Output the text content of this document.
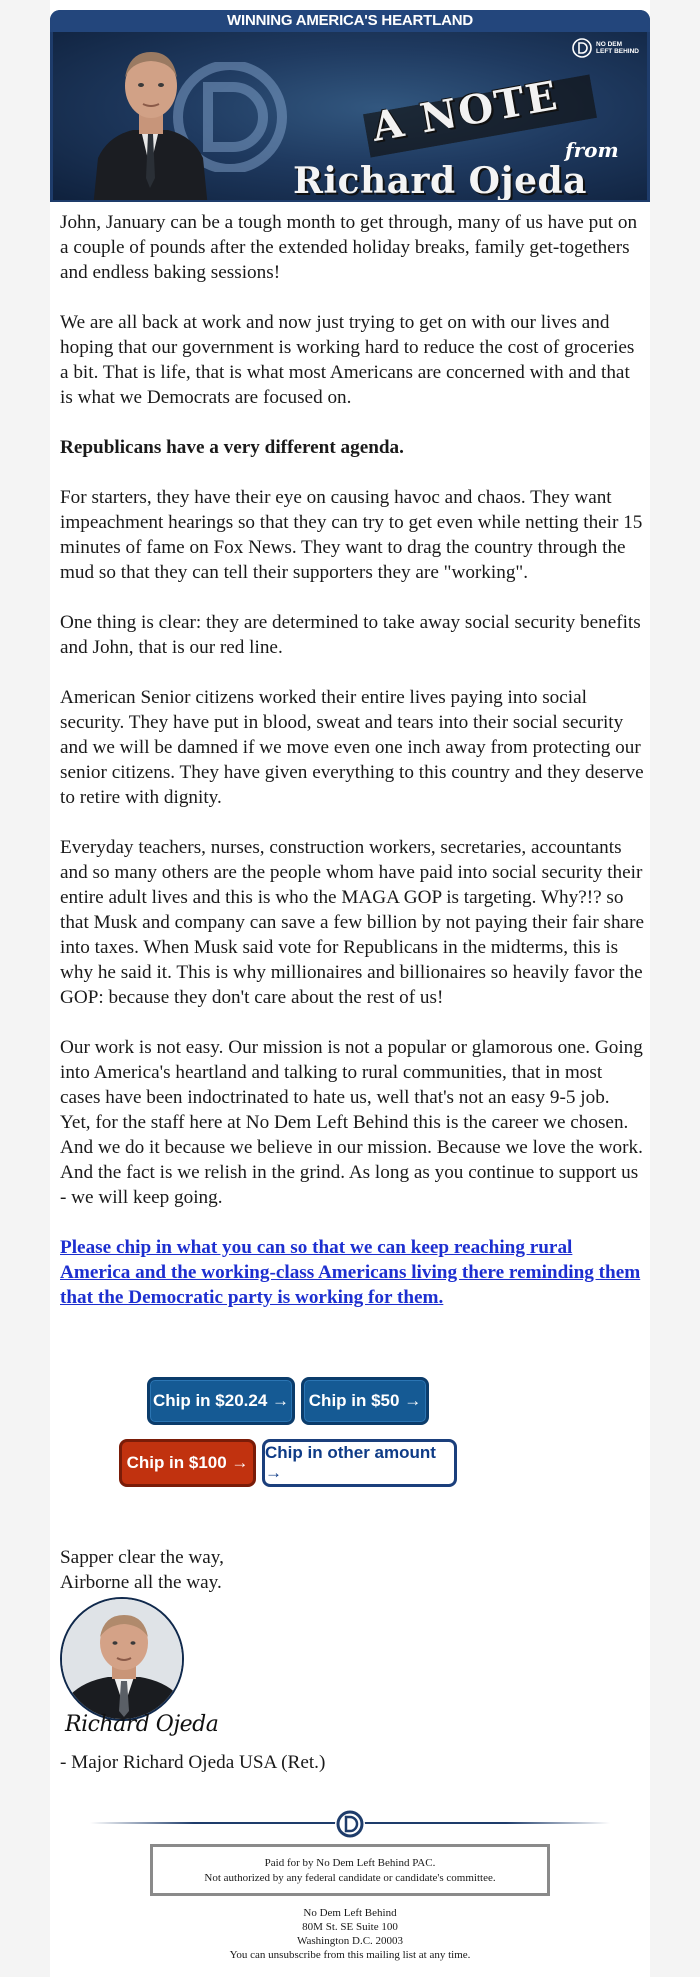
WINNING AMERICA'S HEARTLAND
NO DEM
LEFT BEHIND
A NOTE from
Richard Ojeda

John, January can be a tough month to get through, many of us have put on a couple of pounds after the extended holiday breaks, family get-togethers and endless baking sessions!

We are all back at work and now just trying to get on with our lives and hoping that our government is working hard to reduce the cost of groceries a bit. That is life, that is what most Americans are concerned with and that is what we Democrats are focused on.

Republicans have a very different agenda.

For starters, they have their eye on causing havoc and chaos. They want impeachment hearings so that they can try to get even while netting their 15 minutes of fame on Fox News. They want to drag the country through the mud so that they can tell their supporters they are "working".

One thing is clear: they are determined to take away social security benefits and John, that is our red line.

American Senior citizens worked their entire lives paying into social security. They have put in blood, sweat and tears into their social security and we will be damned if we move even one inch away from protecting our senior citizens. They have given everything to this country and they deserve to retire with dignity.

Everyday teachers, nurses, construction workers, secretaries, accountants and so many others are the people whom have paid into social security their entire adult lives and this is who the MAGA GOP is targeting. Why?!? so that Musk and company can save a few billion by not paying their fair share into taxes. When Musk said vote for Republicans in the midterms, this is why he said it. This is why millionaires and billionaires so heavily favor the GOP: because they don't care about the rest of us!

Our work is not easy. Our mission is not a popular or glamorous one. Going into America's heartland and talking to rural communities, that in most cases have been indoctrinated to hate us, well that's not an easy 9-5 job. Yet, for the staff here at No Dem Left Behind this is the career we chosen. And we do it because we believe in our mission. Because we love the work. And the fact is we relish in the grind. As long as you continue to support us - we will keep going.

Please chip in what you can so that we can keep reaching rural America and the working-class Americans living there reminding them that the Democratic party is working for them.
Chip in $20.24 →	Chip in $50 →
Chip in $100 →
Chip in other amount →
Sapper clear the way,
Airborne all the way.
Richard Ojeda
- Major Richard Ojeda USA (Ret.)
Paid for by No Dem Left Behind PAC.
Not authorized by any federal candidate or candidate's committee.
No Dem Left Behind
80M St. SE Suite 100
Washington D.C. 20003
You can unsubscribe from this mailing list at any time.
